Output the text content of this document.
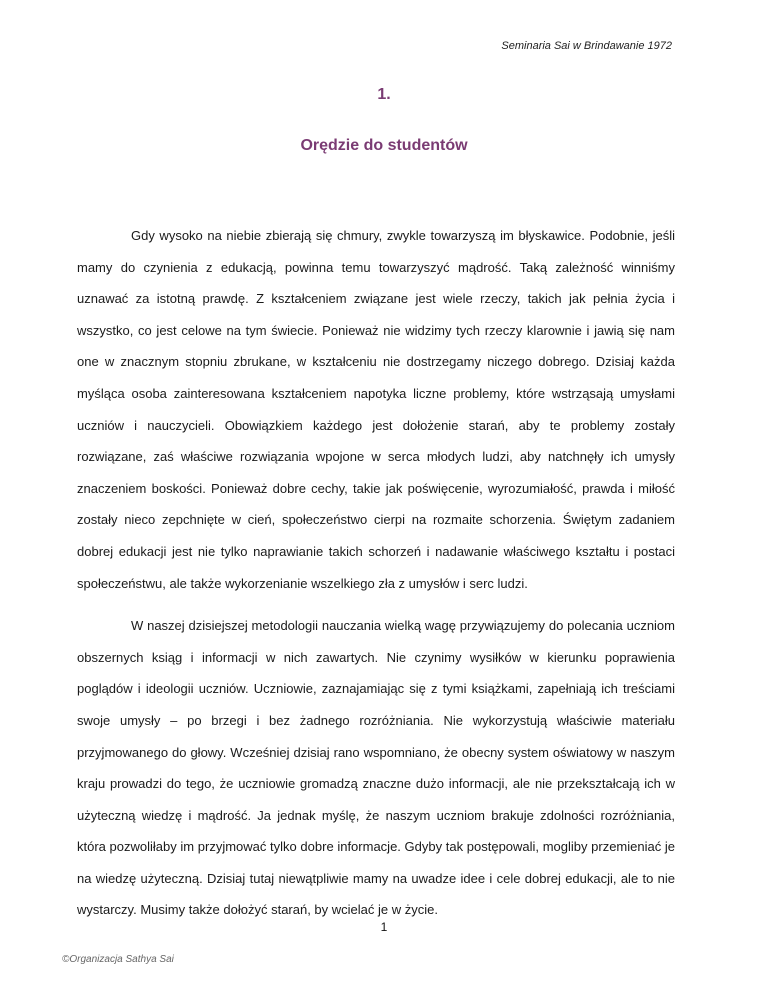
Seminaria Sai w Brindawanie 1972
1.
Orędzie do studentów

Gdy wysoko na niebie zbierają się chmury, zwykle towarzyszą im błyskawice. Podobnie, jeśli mamy do czynienia z edukacją, powinna temu towarzyszyć mądrość. Taką zależność winniśmy uznawać za istotną prawdę. Z kształceniem związane jest wiele rzeczy, takich jak pełnia życia i wszystko, co jest celowe na tym świecie. Ponieważ nie widzimy tych rzeczy klarownie i jawią się nam one w znacznym stopniu zbrukane, w kształceniu nie dostrzegamy niczego dobrego. Dzisiaj każda myśląca osoba zainteresowana kształceniem napotyka liczne problemy, które wstrząsają umysłami uczniów i nauczycieli. Obowiązkiem każdego jest dołożenie starań, aby te problemy zostały rozwiązane, zaś właściwe rozwiązania wpojone w serca młodych ludzi, aby natchnęły ich umysły znaczeniem boskości. Ponieważ dobre cechy, takie jak poświęcenie, wyrozumiałość, prawda i miłość zostały nieco zepchnięte w cień, społeczeństwo cierpi na rozmaite schorzenia. Świętym zadaniem dobrej edukacji jest nie tylko naprawianie takich schorzeń i nadawanie właściwego kształtu i postaci społeczeństwu, ale także wykorzenianie wszelkiego zła z umysłów i serc ludzi.

W naszej dzisiejszej metodologii nauczania wielką wagę przywiązujemy do polecania uczniom obszernych ksiąg i informacji w nich zawartych. Nie czynimy wysiłków w kierunku poprawienia poglądów i ideologii uczniów. Uczniowie, zaznajamiając się z tymi książkami, zapełniają ich treściami swoje umysły – po brzegi i bez żadnego rozróżniania. Nie wykorzystują właściwie materiału przyjmowanego do głowy. Wcześniej dzisiaj rano wspomniano, że obecny system oświatowy w naszym kraju prowadzi do tego, że uczniowie gromadzą znaczne dużo informacji, ale nie przekształcają ich w użyteczną wiedzę i mądrość. Ja jednak myślę, że naszym uczniom brakuje zdolności rozróżniania, która pozwoliłaby im przyjmować tylko dobre informacje. Gdyby tak postępowali, mogliby przemieniać je na wiedzę użyteczną. Dzisiaj tutaj niewątpliwie mamy na uwadze idee i cele dobrej edukacji, ale to nie wystarczy. Musimy także dołożyć starań, by wcielać je w życie.

1
©Organizacja Sathya Sai
